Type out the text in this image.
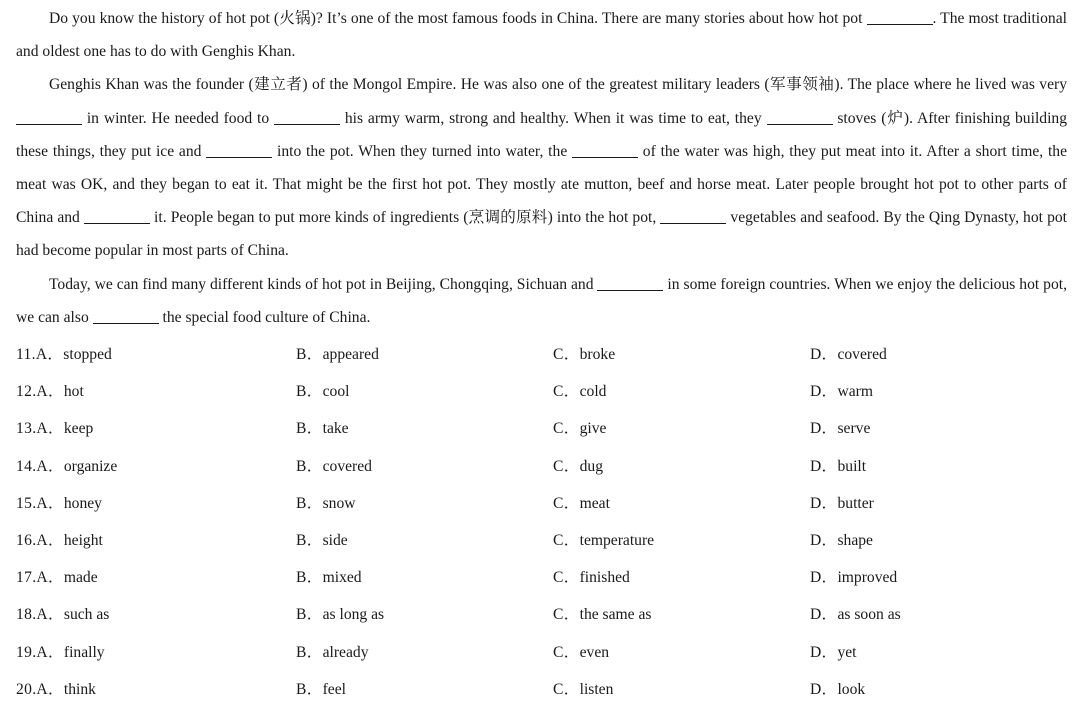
Do you know the history of hot pot (火锅)? It’s one of the most famous foods in China. There are many stories about how hot pot	. The most traditional and oldest one has to do with Genghis Khan.

Genghis Khan was the founder (建立者) of the Mongol Empire. He was also one of the greatest military leaders (军事领袖). The place where he lived was very  in winter. He needed food to	his army warm, strong and healthy. When it was time to eat, they	stoves (炉). After finishing building these things, they put ice and	into the pot. When they turned into water, the	of the water was high, they put meat into it. After a short time, the meat was OK, and they began to eat it. That might be the first hot pot. They mostly ate mutton, beef and horse meat. Later people brought hot pot to other parts of China and	it. People began to put more kinds of ingredients (烹调的原料) into the hot pot,	vegetables and seafood. By the Qing Dynasty, hot pot had become popular in most parts of China.

Today, we can find many different kinds of hot pot in Beijing, Chongqing, Sichuan and	in some foreign countries. When we enjoy the delicious hot pot, we can also	the special food culture of China.

11.A．stopped	B．appeared	C．broke	D．covered
12.A．hot	B．cool	C．cold	D．warm
13.A．keep	B．take	C．give	D．serve
14.A．organize	B．covered	C．dug	D．built
15.A．honey	B．snow	C．meat	D．butter
16.A．height	B．side	C．temperature	D．shape
17.A．made	B．mixed	C．finished	D．improved
18.A．such as	B．as long as	C．the same as	D．as soon as
19.A．finally	B．already	C．even	D．yet
20.A．think	B．feel	C．listen	D．look
